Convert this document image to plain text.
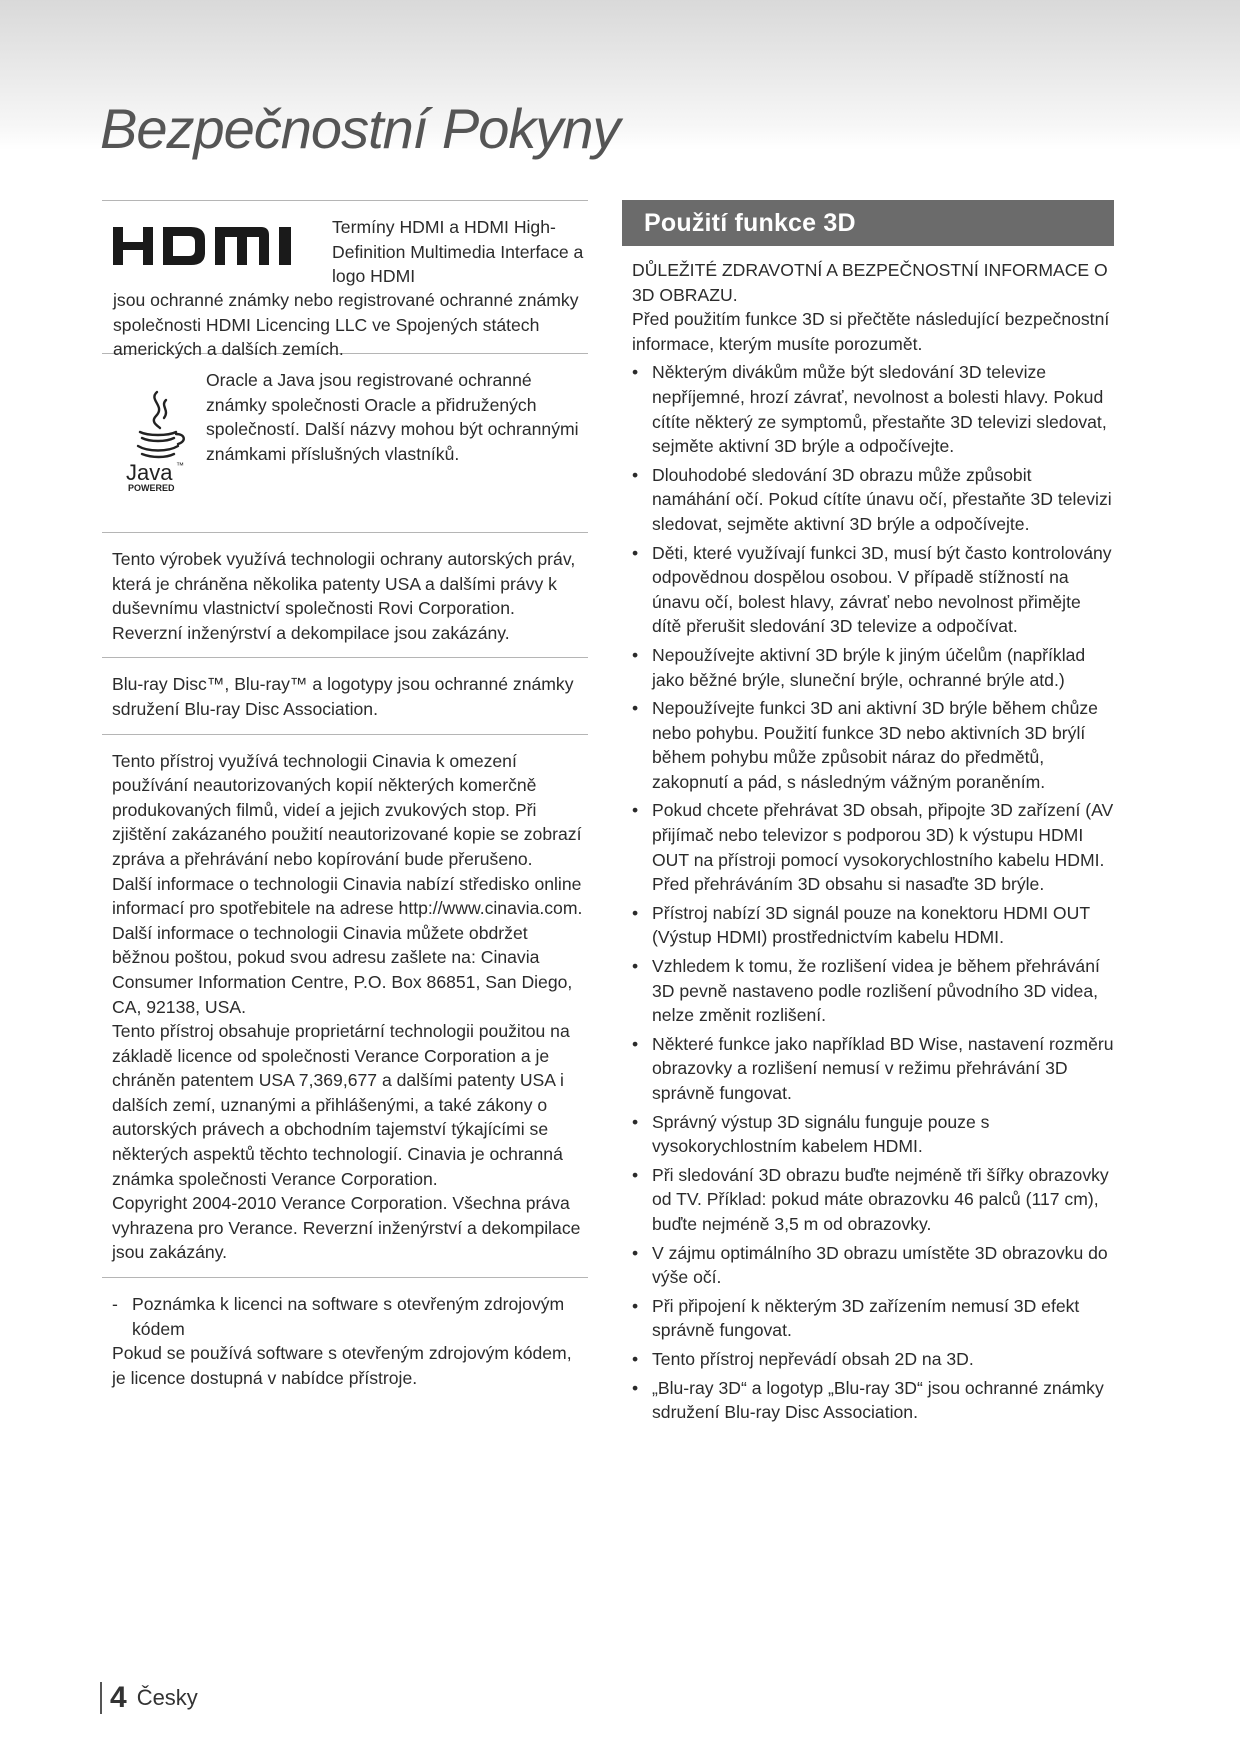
Bezpečnostní Pokyny

Termíny HDMI a HDMI High-Definition Multimedia Interface a logo HDMI

jsou ochranné známky nebo registrované ochranné známky společnosti HDMI Licencing LLC ve Spojených státech amerických a dalších zemích.

Java ™
POWERED

Oracle a Java jsou registrované ochranné známky společnosti Oracle a přidružených společností. Další názvy mohou být ochrannými známkami příslušných vlastníků.

Tento výrobek využívá technologii ochrany autorských práv, která je chráněna několika patenty USA a dalšími právy k duševnímu vlastnictví společnosti Rovi Corporation. Reverzní inženýrství a dekompilace jsou zakázány.

Blu-ray Disc™, Blu-ray™ a logotypy jsou ochranné známky sdružení Blu-ray Disc Association.

Tento přístroj využívá technologii Cinavia k omezení používání neautorizovaných kopií některých komerčně produkovaných filmů, videí a jejich zvukových stop. Při zjištění zakázaného použití neautorizované kopie se zobrazí zpráva a přehrávání nebo kopírování bude přerušeno.

Další informace o technologii Cinavia nabízí středisko online informací pro spotřebitele na adrese http://www.cinavia.com.

Další informace o technologii Cinavia můžete obdržet běžnou poštou, pokud svou adresu zašlete na: Cinavia Consumer Information Centre, P.O. Box 86851, San Diego, CA, 92138, USA.

Tento přístroj obsahuje proprietární technologii použitou na základě licence od společnosti Verance Corporation a je chráněn patentem USA 7,369,677 a dalšími patenty USA i dalších zemí, uznanými a přihlášenými, a také zákony o autorských právech a obchodním tajemství týkajícími se některých aspektů těchto technologií. Cinavia je ochranná známka společnosti Verance Corporation.

Copyright 2004-2010 Verance Corporation. Všechna práva vyhrazena pro Verance. Reverzní inženýrství a dekompilace jsou zakázány.

- Poznámka k licenci na software s otevřeným zdrojovým kódem

Pokud se používá software s otevřeným zdrojovým kódem, je licence dostupná v nabídce přístroje.

Použití funkce 3D

DŮLEŽITÉ ZDRAVOTNÍ A BEZPEČNOSTNÍ INFORMACE O 3D OBRAZU.

Před použitím funkce 3D si přečtěte následující bezpečnostní informace, kterým musíte porozumět.

• Některým divákům může být sledování 3D televize nepříjemné, hrozí závrať, nevolnost a bolesti hlavy. Pokud cítíte některý ze symptomů, přestaňte 3D televizi sledovat, sejměte aktivní 3D brýle a odpočívejte.
• Dlouhodobé sledování 3D obrazu může způsobit namáhání očí. Pokud cítíte únavu očí, přestaňte 3D televizi sledovat, sejměte aktivní 3D brýle a odpočívejte.
• Děti, které využívají funkci 3D, musí být často kontrolovány odpovědnou dospělou osobou. V případě stížností na únavu očí, bolest hlavy, závrať nebo nevolnost přimějte dítě přerušit sledování 3D televize a odpočívat.
• Nepoužívejte aktivní 3D brýle k jiným účelům (například jako běžné brýle, sluneční brýle, ochranné brýle atd.)
• Nepoužívejte funkci 3D ani aktivní 3D brýle během chůze nebo pohybu. Použití funkce 3D nebo aktivních 3D brýlí během pohybu může způsobit náraz do předmětů, zakopnutí a pád, s následným vážným poraněním.
• Pokud chcete přehrávat 3D obsah, připojte 3D zařízení (AV přijímač nebo televizor s podporou 3D) k výstupu HDMI OUT na přístroji pomocí vysokorychlostního kabelu HDMI. Před přehráváním 3D obsahu si nasaďte 3D brýle.
• Přístroj nabízí 3D signál pouze na konektoru HDMI OUT (Výstup HDMI) prostřednictvím kabelu HDMI.
• Vzhledem k tomu, že rozlišení videa je během přehrávání 3D pevně nastaveno podle rozlišení původního 3D videa, nelze změnit rozlišení.
• Některé funkce jako například BD Wise, nastavení rozměru obrazovky a rozlišení nemusí v režimu přehrávání 3D správně fungovat.
• Správný výstup 3D signálu funguje pouze s vysokorychlostním kabelem HDMI.
• Při sledování 3D obrazu buďte nejméně tři šířky obrazovky od TV. Příklad: pokud máte obrazovku 46 palců (117 cm), buďte nejméně 3,5 m od obrazovky.
• V zájmu optimálního 3D obrazu umístěte 3D obrazovku do výše očí.
• Při připojení k některým 3D zařízením nemusí 3D efekt správně fungovat.
• Tento přístroj nepřevádí obsah 2D na 3D.
• „Blu-ray 3D“ a logotyp „Blu-ray 3D“ jsou ochranné známky sdružení Blu-ray Disc Association.
4 Česky
